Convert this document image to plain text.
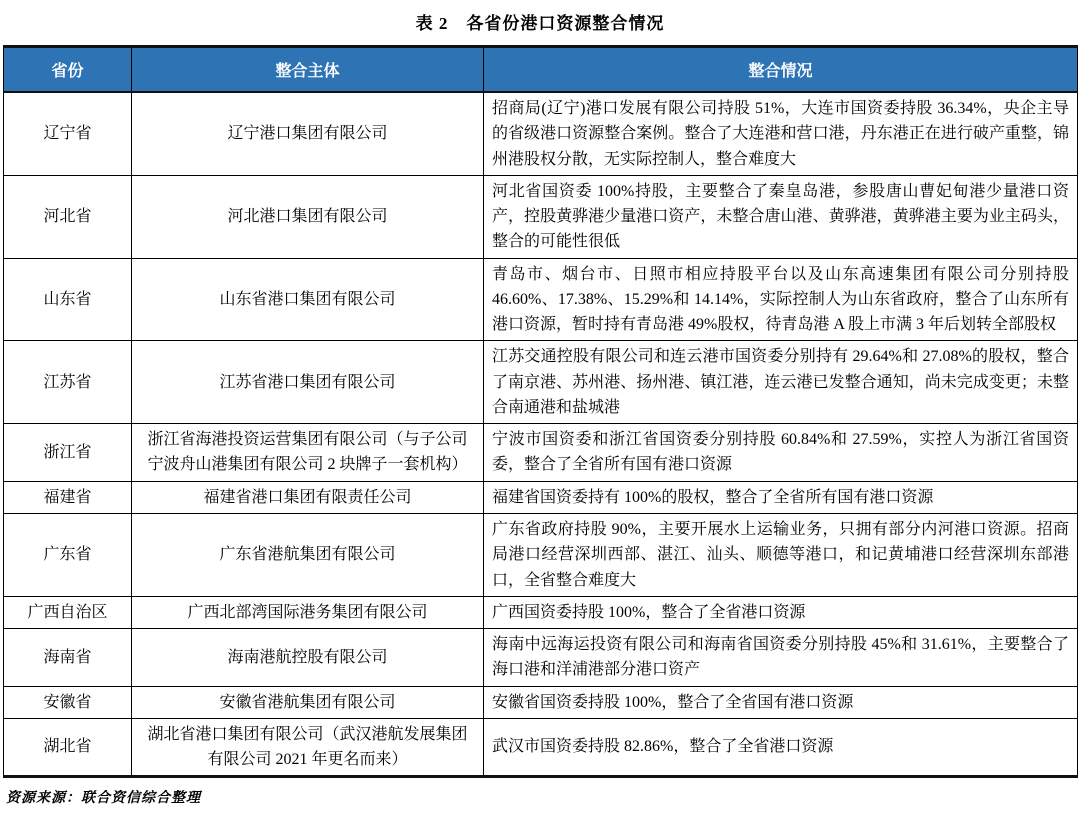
表 2　各省份港口资源整合情况
省份	整合主体	整合情况
辽宁省	辽宁港口集团有限公司	招商局(辽宁)港口发展有限公司持股 51%，大连市国资委持股 36.34%，央企主导的省级港口资源整合案例。整合了大连港和营口港，丹东港正在进行破产重整，锦州港股权分散，无实际控制人，整合难度大
河北省	河北港口集团有限公司	河北省国资委 100%持股，主要整合了秦皇岛港，参股唐山曹妃甸港少量港口资产，控股黄骅港少量港口资产，未整合唐山港、黄骅港，黄骅港主要为业主码头，整合的可能性很低
山东省	山东省港口集团有限公司	青岛市、烟台市、日照市相应持股平台以及山东高速集团有限公司分别持股 46.60%、17.38%、15.29%和 14.14%，实际控制人为山东省政府，整合了山东所有港口资源，暂时持有青岛港 49%股权，待青岛港 A 股上市满 3 年后划转全部股权
江苏省	江苏省港口集团有限公司	江苏交通控股有限公司和连云港市国资委分别持有 29.64%和 27.08%的股权，整合了南京港、苏州港、扬州港、镇江港，连云港已发整合通知，尚未完成变更；未整合南通港和盐城港
浙江省	浙江省海港投资运营集团有限公司（与子公司宁波舟山港集团有限公司 2 块牌子一套机构）	宁波市国资委和浙江省国资委分别持股 60.84%和 27.59%，实控人为浙江省国资委，整合了全省所有国有港口资源
福建省	福建省港口集团有限责任公司	福建省国资委持有 100%的股权，整合了全省所有国有港口资源
广东省	广东省港航集团有限公司	广东省政府持股 90%，主要开展水上运输业务，只拥有部分内河港口资源。招商局港口经营深圳西部、湛江、汕头、顺德等港口，和记黄埔港口经营深圳东部港口，全省整合难度大
广西自治区	广西北部湾国际港务集团有限公司	广西国资委持股 100%，整合了全省港口资源
海南省	海南港航控股有限公司	海南中远海运投资有限公司和海南省国资委分别持股 45%和 31.61%，主要整合了海口港和洋浦港部分港口资产
安徽省	安徽省港航集团有限公司	安徽省国资委持股 100%，整合了全省国有港口资源
湖北省	湖北省港口集团有限公司（武汉港航发展集团有限公司 2021 年更名而来）	武汉市国资委持股 82.86%，整合了全省港口资源
资源来源：联合资信综合整理
